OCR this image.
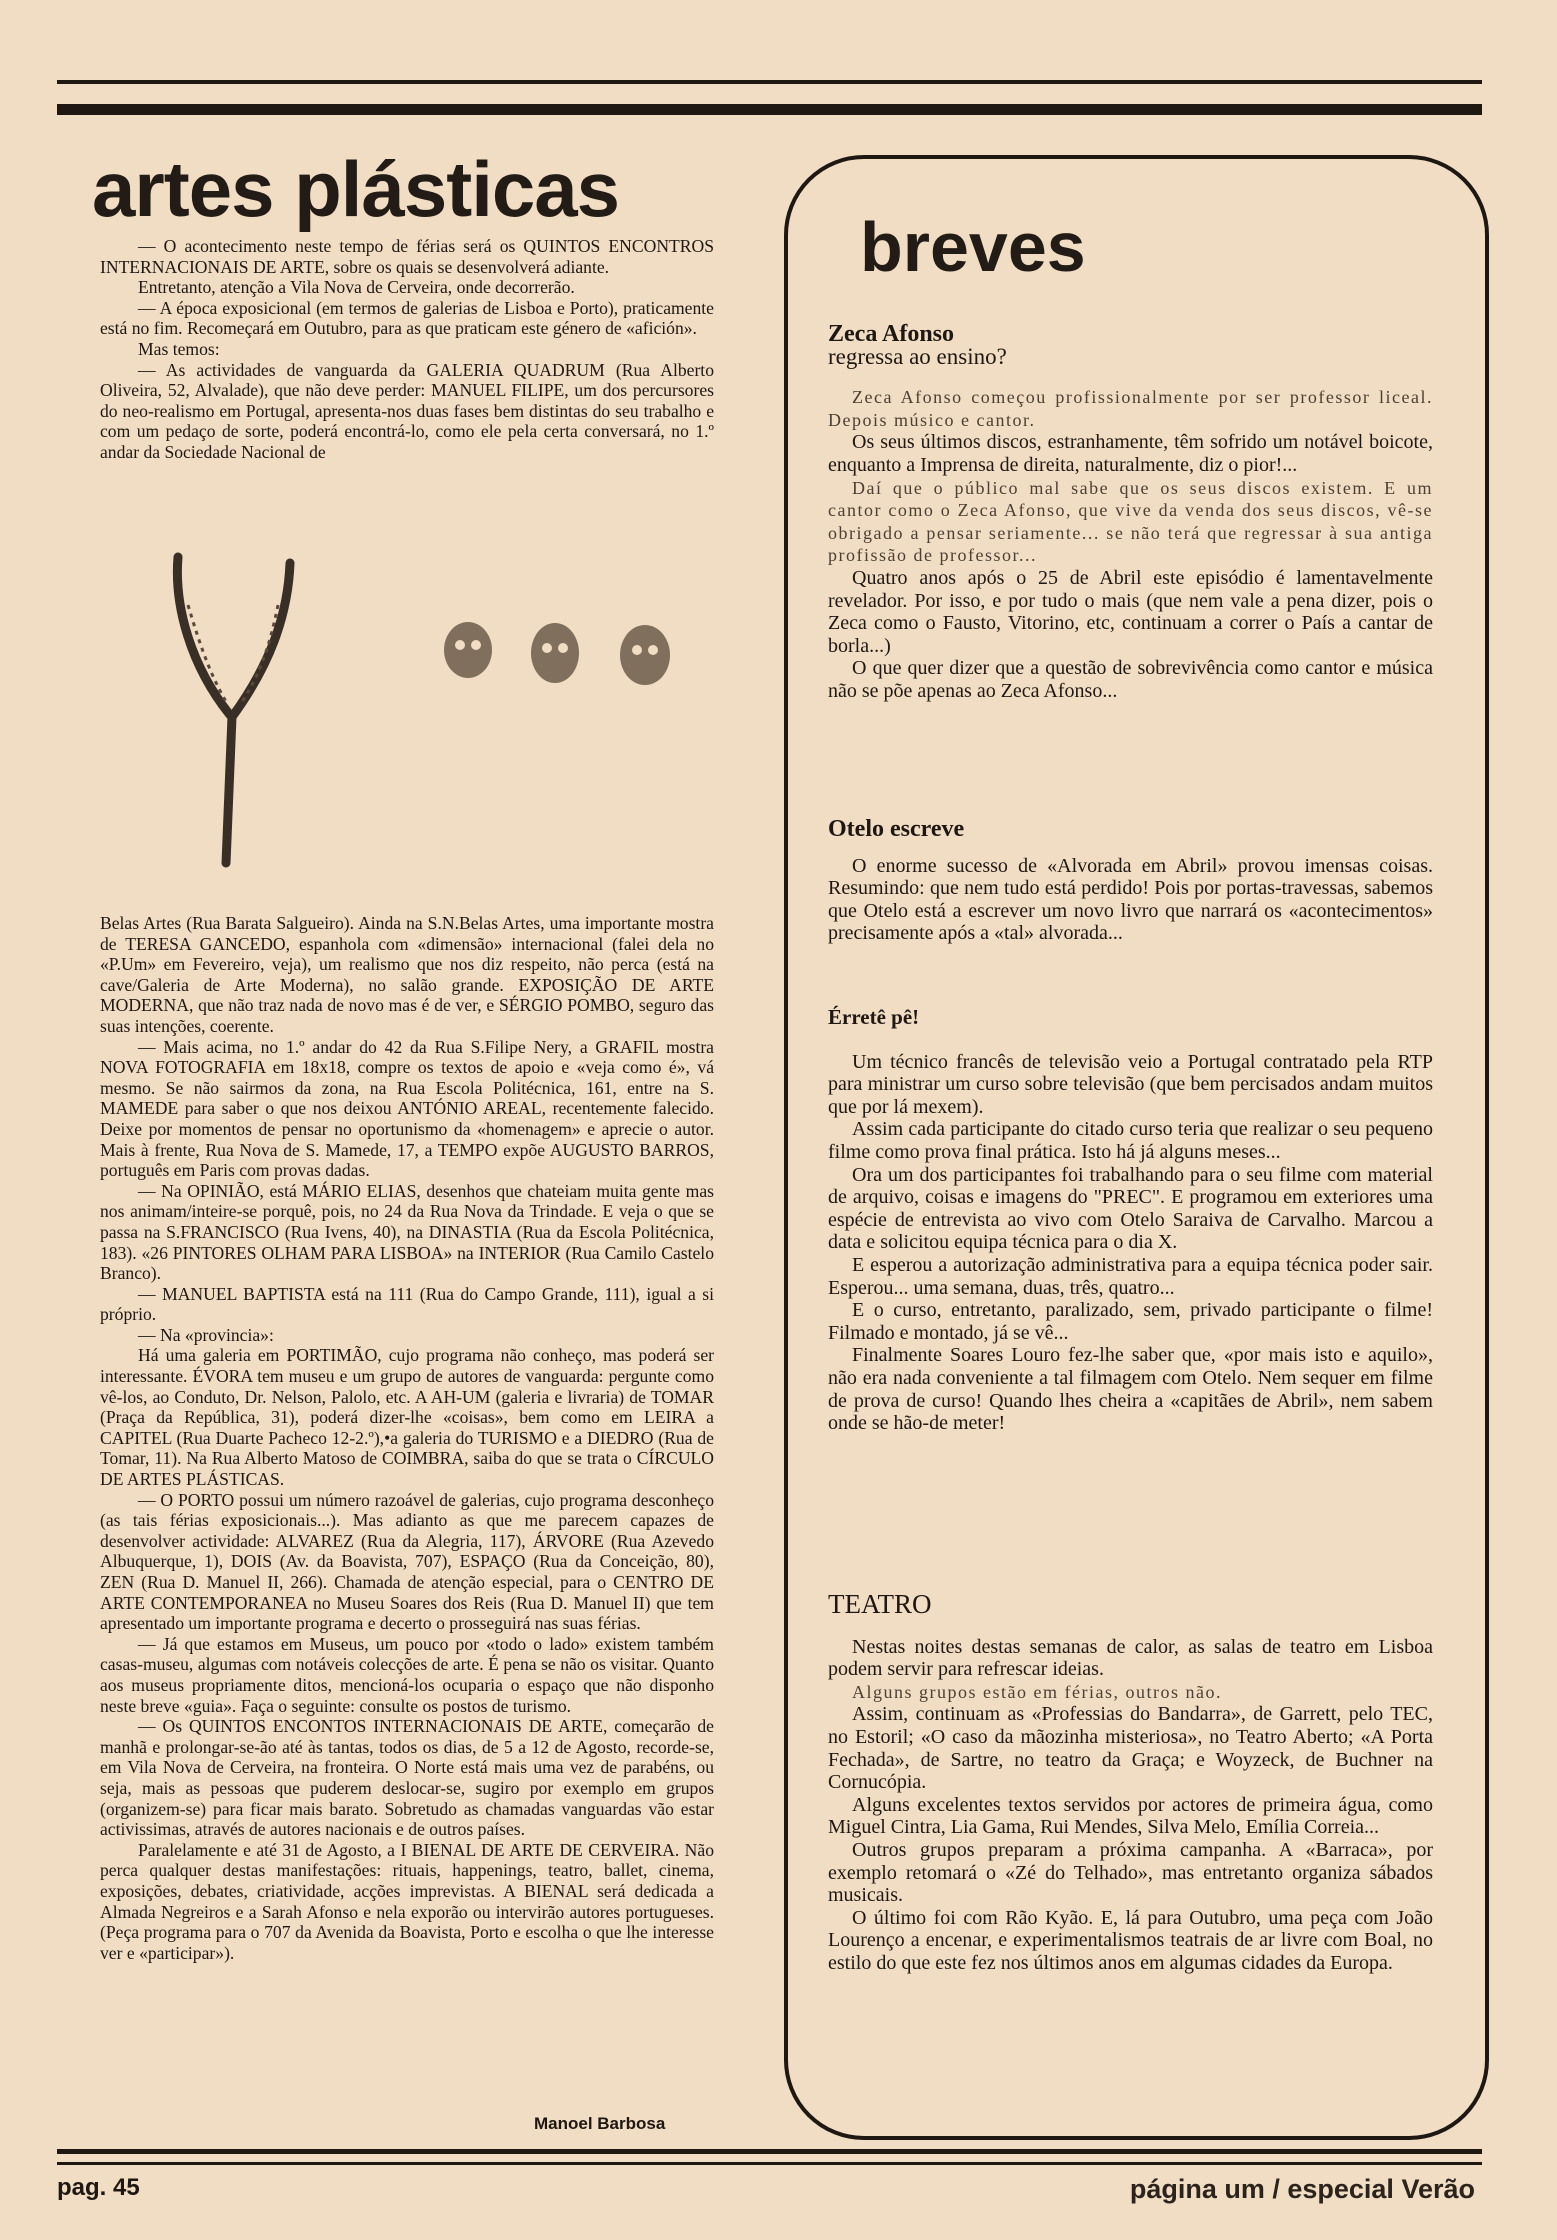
artes plásticas

— O acontecimento neste tempo de férias será os QUINTOS ENCONTROS INTERNACIONAIS DE ARTE, sobre os quais se desenvolverá adiante.

Entretanto, atenção a Vila Nova de Cerveira, onde decorrerão.

— A época exposicional (em termos de galerias de Lisboa e Porto), praticamente está no fim. Recomeçará em Outubro, para as que praticam este género de «afición».

Mas temos:

— As actividades de vanguarda da GALERIA QUADRUM (Rua Alberto Oliveira, 52, Alvalade), que não deve perder: MANUEL FILIPE, um dos percursores do neo-realismo em Portugal, apresenta-nos duas fases bem distintas do seu trabalho e com um pedaço de sorte, poderá encontrá-lo, como ele pela certa conversará, no 1.º andar da Sociedade Nacional de

Belas Artes (Rua Barata Salgueiro). Ainda na S.N.Belas Artes, uma importante mostra de TERESA GANCEDO, espanhola com «dimensão» internacional (falei dela no «P.Um» em Fevereiro, veja), um realismo que nos diz respeito, não perca (está na cave/Galeria de Arte Moderna), no salão grande. EXPOSIÇÃO DE ARTE MODERNA, que não traz nada de novo mas é de ver, e SÉRGIO POMBO, seguro das suas intenções, coerente.

— Mais acima, no 1.º andar do 42 da Rua S.Filipe Nery, a GRAFIL mostra NOVA FOTOGRAFIA em 18x18, compre os textos de apoio e «veja como é», vá mesmo. Se não sairmos da zona, na Rua Escola Politécnica, 161, entre na S. MAMEDE para saber o que nos deixou ANTÓNIO AREAL, recentemente falecido. Deixe por momentos de pensar no oportunismo da «homenagem» e aprecie o autor. Mais à frente, Rua Nova de S. Mamede, 17, a TEMPO expõe AUGUSTO BARROS, português em Paris com provas dadas.

— Na OPINIÃO, está MÁRIO ELIAS, desenhos que chateiam muita gente mas nos animam/inteire-se porquê, pois, no 24 da Rua Nova da Trindade. E veja o que se passa na S.FRANCISCO (Rua Ivens, 40), na DINASTIA (Rua da Escola Politécnica, 183). «26 PINTORES OLHAM PARA LISBOA» na INTERIOR (Rua Camilo Castelo Branco).

— MANUEL BAPTISTA está na 111 (Rua do Campo Grande, 111), igual a si próprio.

— Na «provincia»:

Há uma galeria em PORTIMÃO, cujo programa não conheço, mas poderá ser interessante. ÉVORA tem museu e um grupo de autores de vanguarda: pergunte como vê-los, ao Conduto, Dr. Nelson, Palolo, etc. A AH-UM (galeria e livraria) de TOMAR (Praça da República, 31), poderá dizer-lhe «coisas», bem como em LEIRA a CAPITEL (Rua Duarte Pacheco 12-2.º),•a galeria do TURISMO e a DIEDRO (Rua de Tomar, 11). Na Rua Alberto Matoso de COIMBRA, saiba do que se trata o CÍRCULO DE ARTES PLÁSTICAS.

— O PORTO possui um número razoável de galerias, cujo programa desconheço (as tais férias exposicionais...). Mas adianto as que me parecem capazes de desenvolver actividade: ALVAREZ (Rua da Alegria, 117), ÁRVORE (Rua Azevedo Albuquerque, 1), DOIS (Av. da Boavista, 707), ESPAÇO (Rua da Conceição, 80), ZEN (Rua D. Manuel II, 266). Chamada de atenção especial, para o CENTRO DE ARTE CONTEMPORANEA no Museu Soares dos Reis (Rua D. Manuel II) que tem apresentado um importante programa e decerto o prosseguirá nas suas férias.

— Já que estamos em Museus, um pouco por «todo o lado» existem também casas-museu, algumas com notáveis colecções de arte. É pena se não os visitar. Quanto aos museus propriamente ditos, mencioná-los ocuparia o espaço que não disponho neste breve «guia». Faça o seguinte: consulte os postos de turismo.

— Os QUINTOS ENCONTOS INTERNACIONAIS DE ARTE, começarão de manhã e prolongar-se-ão até às tantas, todos os dias, de 5 a 12 de Agosto, recorde-se, em Vila Nova de Cerveira, na fronteira. O Norte está mais uma vez de parabéns, ou seja, mais as pessoas que puderem deslocar-se, sugiro por exemplo em grupos (organizem-se) para ficar mais barato. Sobretudo as chamadas vanguardas vão estar activissimas, através de autores nacionais e de outros países.

Paralelamente e até 31 de Agosto, a I BIENAL DE ARTE DE CERVEIRA. Não perca qualquer destas manifestações: rituais, happenings, teatro, ballet, cinema, exposições, debates, criatividade, acções imprevistas. A BIENAL será dedicada a Almada Negreiros e a Sarah Afonso e nela exporão ou intervirão autores portugueses. (Peça programa para o 707 da Avenida da Boavista, Porto e escolha o que lhe interesse ver e «participar»).

Manoel Barbosa

breves

Zeca Afonso

regressa ao ensino?

Zeca Afonso começou profissionalmente por ser professor liceal. Depois músico e cantor.

Os seus últimos discos, estranhamente, têm sofrido um notável boicote, enquanto a Imprensa de direita, naturalmente, diz o pior!...

Daí que o público mal sabe que os seus discos existem. E um cantor como o Zeca Afonso, que vive da venda dos seus discos, vê-se obrigado a pensar seriamente... se não terá que regressar à sua antiga profissão de professor...

Quatro anos após o 25 de Abril este episódio é lamentavelmente revelador. Por isso, e por tudo o mais (que nem vale a pena dizer, pois o Zeca como o Fausto, Vitorino, etc, continuam a correr o País a cantar de borla...)

O que quer dizer que a questão de sobrevivência como cantor e música não se põe apenas ao Zeca Afonso...

Otelo escreve

O enorme sucesso de «Alvorada em Abril» provou imensas coisas. Resumindo: que nem tudo está perdido! Pois por portas-travessas, sabemos que Otelo está a escrever um novo livro que narrará os «acontecimentos» precisamente após a «tal» alvorada...

Érretê pê!

Um técnico francês de televisão veio a Portugal contratado pela RTP para ministrar um curso sobre televisão (que bem percisados andam muitos que por lá mexem).

Assim cada participante do citado curso teria que realizar o seu pequeno filme como prova final prática. Isto há já alguns meses...

Ora um dos participantes foi trabalhando para o seu filme com material de arquivo, coisas e imagens do "PREC". E programou em exteriores uma espécie de entrevista ao vivo com Otelo Saraiva de Carvalho. Marcou a data e solicitou equipa técnica para o dia X.

E esperou a autorização administrativa para a equipa técnica poder sair. Esperou... uma semana, duas, três, quatro...

E o curso, entretanto, paralizado, sem, privado participante o filme! Filmado e montado, já se vê...

Finalmente Soares Louro fez-lhe saber que, «por mais isto e aquilo», não era nada conveniente a tal filmagem com Otelo. Nem sequer em filme de prova de curso! Quando lhes cheira a «capitães de Abril», nem sabem onde se hão-de meter!

TEATRO

Nestas noites destas semanas de calor, as salas de teatro em Lisboa podem servir para refrescar ideias.

Alguns grupos estão em férias, outros não.

Assim, continuam as «Professias do Bandarra», de Garrett, pelo TEC, no Estoril; «O caso da mãozinha misteriosa», no Teatro Aberto; «A Porta Fechada», de Sartre, no teatro da Graça; e Woyzeck, de Buchner na Cornucópia.

Alguns excelentes textos servidos por actores de primeira água, como Miguel Cintra, Lia Gama, Rui Mendes, Silva Melo, Emília Correia...

Outros grupos preparam a próxima campanha. A «Barraca», por exemplo retomará o «Zé do Telhado», mas entretanto organiza sábados musicais.

O último foi com Rão Kyão. E, lá para Outubro, uma peça com João Lourenço a encenar, e experimentalismos teatrais de ar livre com Boal, no estilo do que este fez nos últimos anos em algumas cidades da Europa.

pag. 45	página um / especial Verão
